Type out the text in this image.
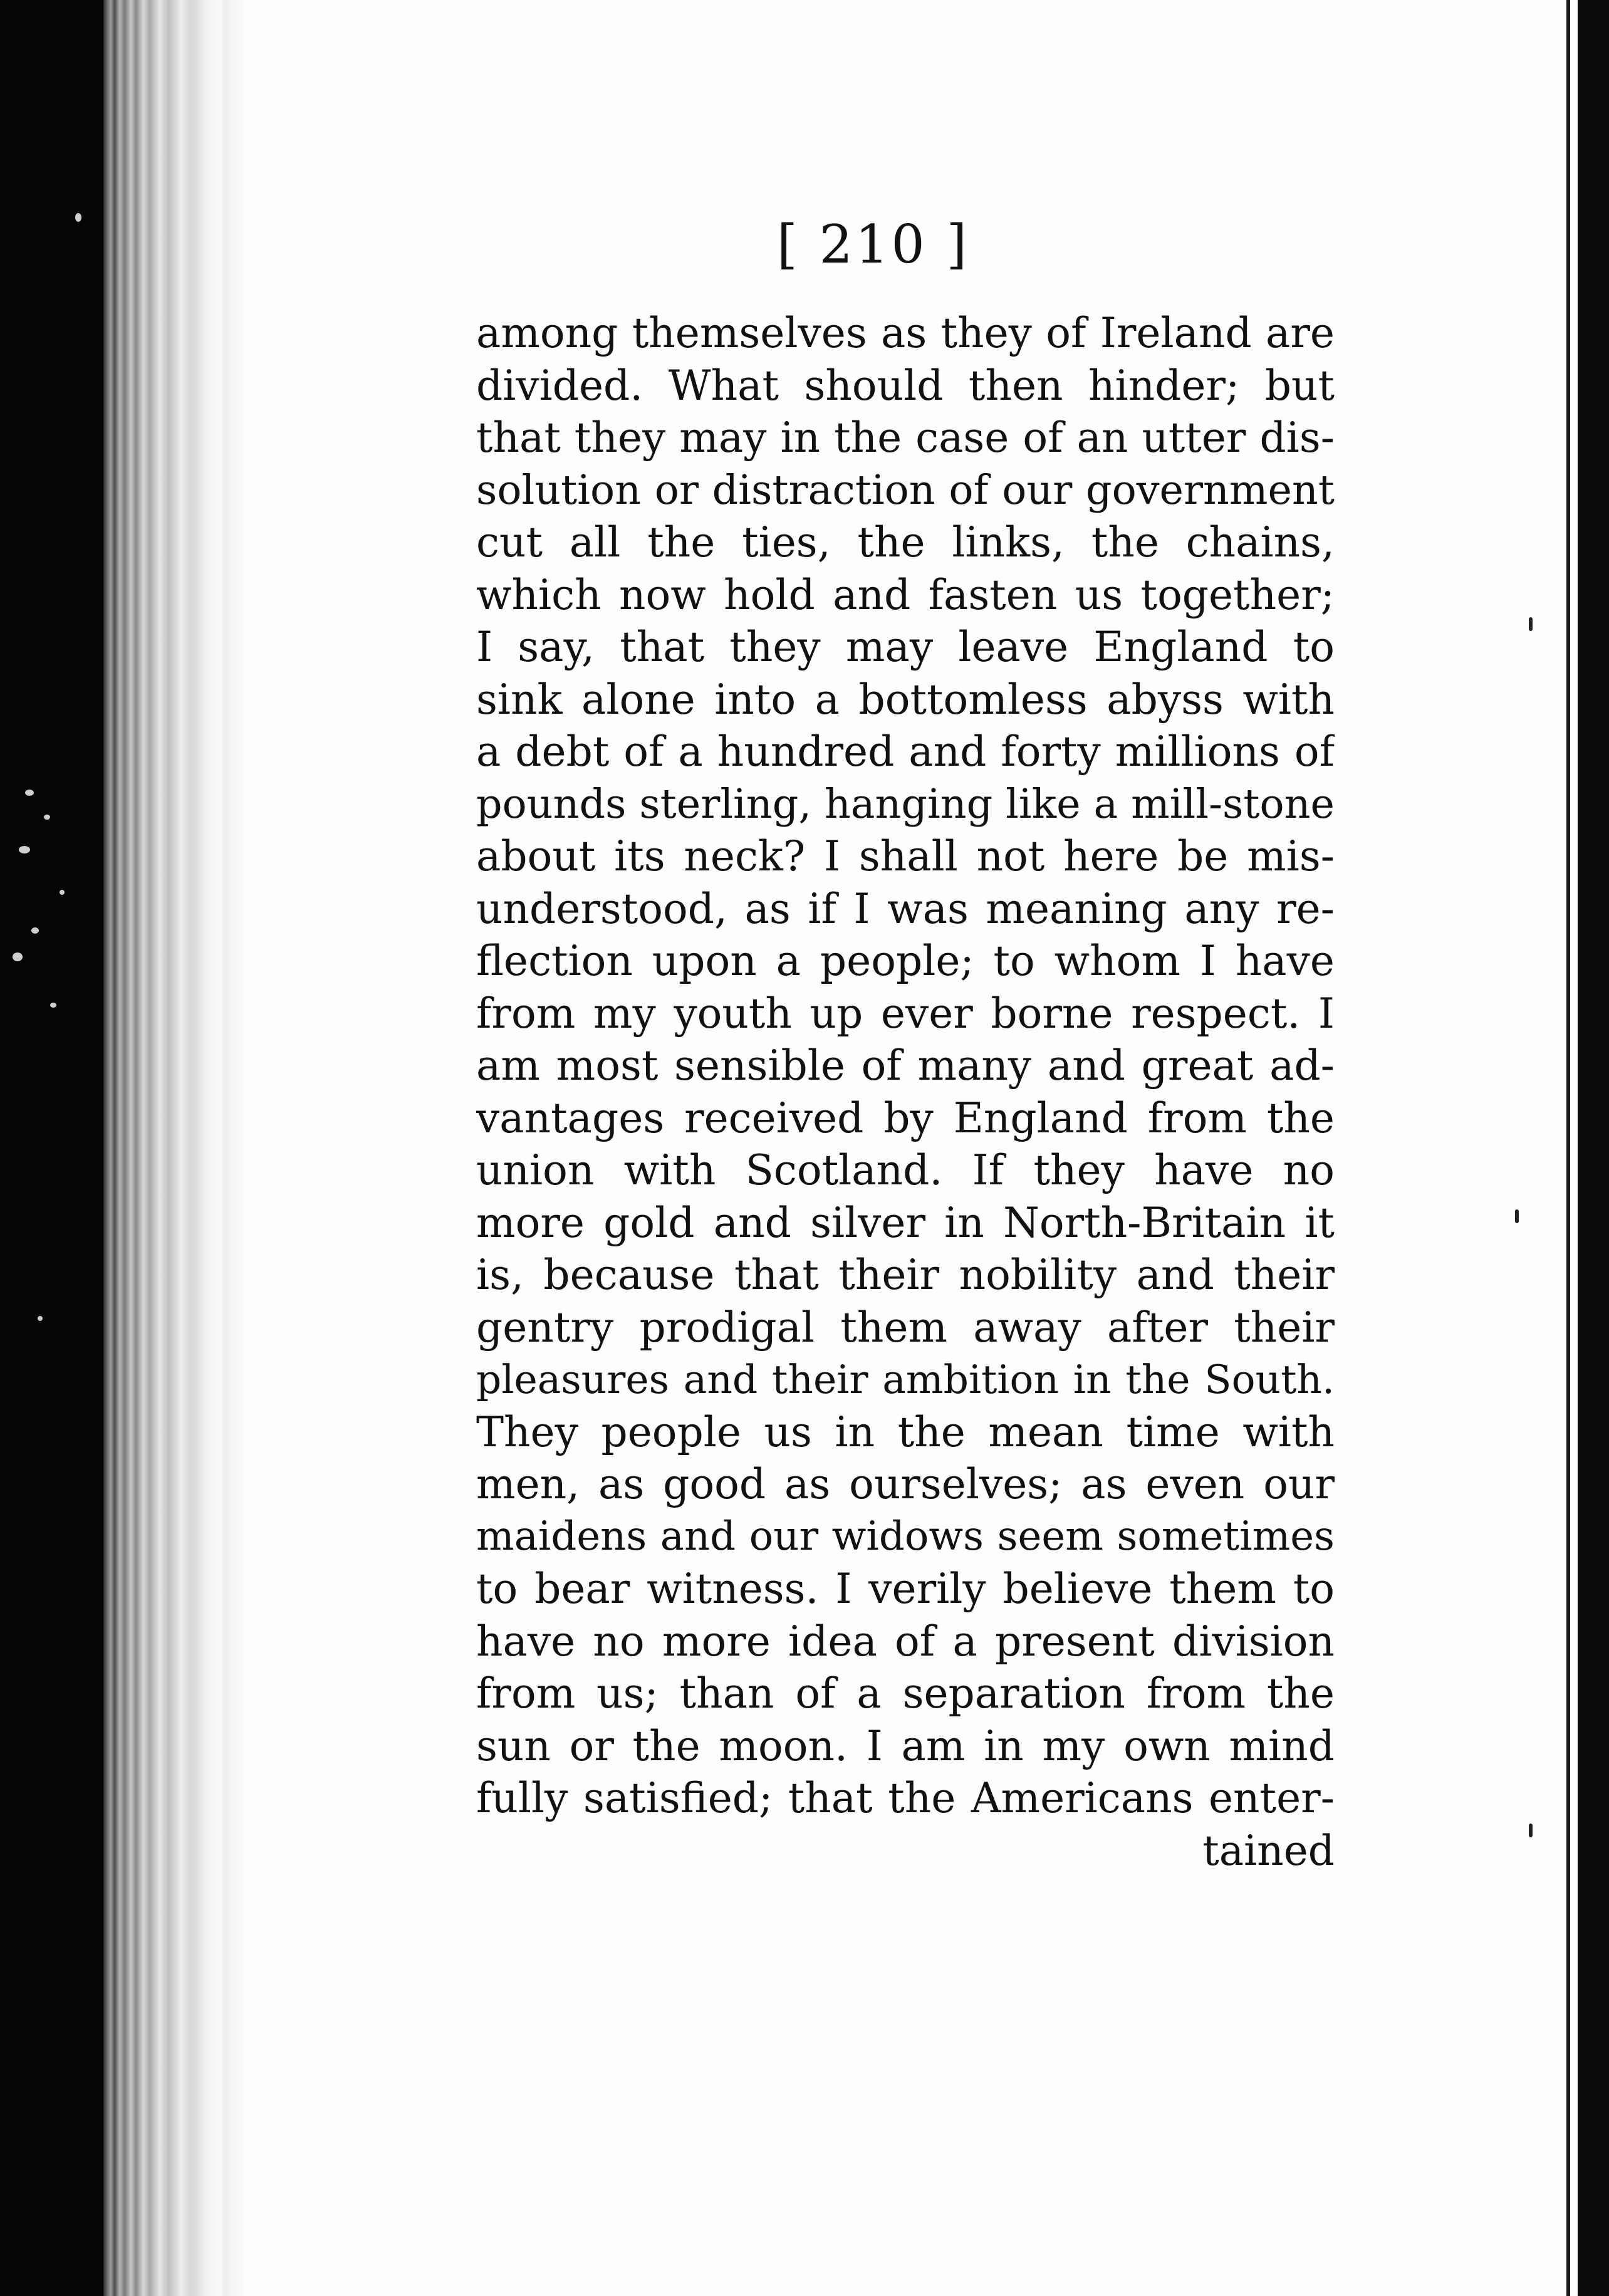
[ 210 ]
among themselves as they of Ireland are
divided. What should then hinder; but
that they may in the case of an utter dis-
solution or distraction of our government
cut all the ties, the links, the chains,
which now hold and fasten us together;
I say, that they may leave England to
sink alone into a bottomless abyss with
a debt of a hundred and forty millions of
pounds sterling, hanging like a mill-stone
about its neck? I shall not here be mis-
understood, as if I was meaning any re-
flection upon a people; to whom I have
from my youth up ever borne respect. I
am most sensible of many and great ad-
vantages received by England from the
union with Scotland. If they have no
more gold and silver in North-Britain it
is, because that their nobility and their
gentry prodigal them away after their
pleasures and their ambition in the South.
They people us in the mean time with
men, as good as ourselves; as even our
maidens and our widows seem sometimes
to bear witness. I verily believe them to
have no more idea of a present division
from us; than of a separation from the
sun or the moon. I am in my own mind
fully satisfied; that the Americans enter-
tained
